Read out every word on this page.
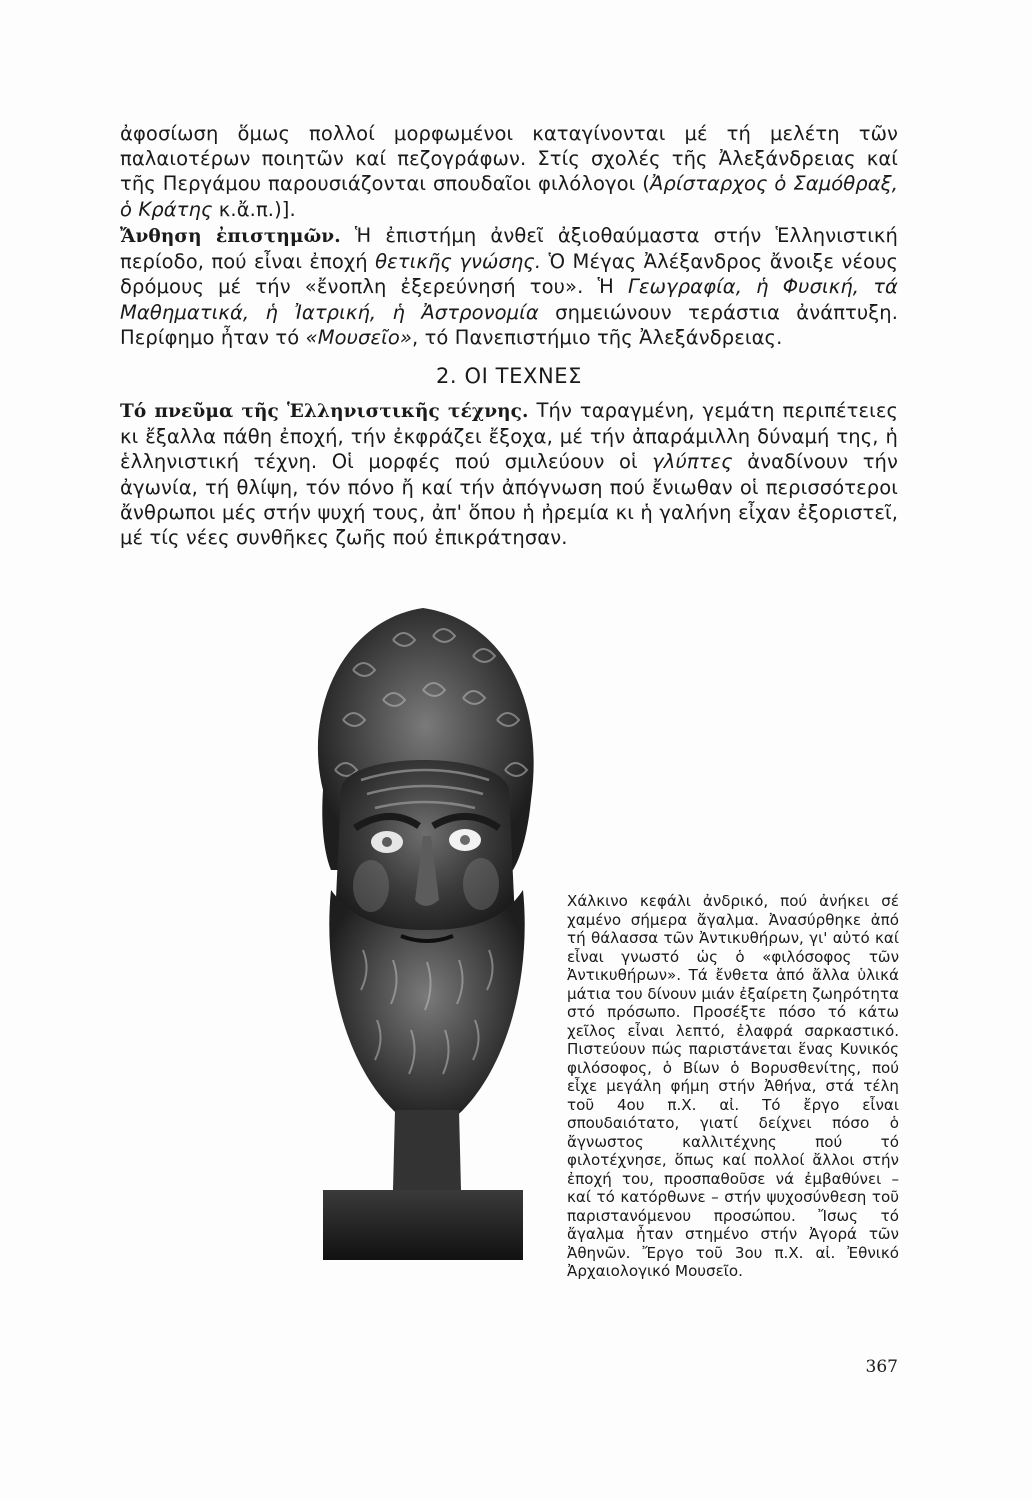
ἀφοσίωση ὅμως πολλοί μορφωμένοι καταγίνονται μέ τή μελέτη τῶν παλαιοτέρων ποιητῶν καί πεζογράφων. Στίς σχολές τῆς Ἀλεξάνδρειας καί τῆς Περγάμου παρουσιάζονται σπουδαῖοι φιλόλογοι (Ἀρίσταρχος ὁ Σαμόθραξ, ὁ Κράτης κ.ἄ.π.)].

Ἄνθηση ἐπιστημῶν. Ἡ ἐπιστήμη ἀνθεῖ ἀξιοθαύμαστα στήν Ἑλληνιστική περίοδο, πού εἶναι ἐποχή θετικῆς γνώσης. Ὁ Μέγας Ἀλέξανδρος ἄνοιξε νέους δρόμους μέ τήν «ἔνοπλη ἐξερεύνησή του». Ἡ Γεωγραφία, ἡ Φυσική, τά Μαθηματικά, ἡ Ἰατρική, ἡ Ἀστρονομία σημειώνουν τεράστια ἀνάπτυξη. Περίφημο ἦταν τό «Μουσεῖο», τό Πανεπιστήμιο τῆς Ἀλεξάνδρειας.

2. ΟΙ ΤΕΧΝΕΣ

Τό πνεῦμα τῆς Ἑλληνιστικῆς τέχνης. Τήν ταραγμένη, γεμάτη περιπέτειες κι ἔξαλλα πάθη ἐποχή, τήν ἐκφράζει ἔξοχα, μέ τήν ἀπαράμιλλη δύναμή της, ἡ ἑλληνιστική τέχνη. Οἱ μορφές πού σμιλεύουν οἱ γλύπτες ἀναδίνουν τήν ἀγωνία, τή θλίψη, τόν πόνο ἤ καί τήν ἀπόγνωση πού ἔνιωθαν οἱ περισσότεροι ἄνθρωποι μές στήν ψυχή τους, ἀπ' ὅπου ἡ ἠρεμία κι ἡ γαλήνη εἶχαν ἐξοριστεῖ, μέ τίς νέες συνθῆκες ζωῆς πού ἐπικράτησαν.

Χάλκινο κεφάλι ἀνδρικό, πού ἀνήκει σέ χαμένο σήμερα ἄγαλμα. Ἀνασύρθηκε ἀπό τή θάλασσα τῶν Ἀντικυθήρων, γι' αὐτό καί εἶναι γνωστό ὡς ὁ «φιλόσοφος τῶν Ἀντικυθήρων». Τά ἔνθετα ἀπό ἄλλα ὑλικά μάτια του δίνουν μιάν ἐξαίρετη ζωηρότητα στό πρόσωπο. Προσέξτε πόσο τό κάτω χεῖλος εἶναι λεπτό, ἐλαφρά σαρκαστικό. Πιστεύουν πώς παριστάνεται ἕνας Κυνικός φιλόσοφος, ὁ Βίων ὁ Βορυσθενίτης, πού εἶχε μεγάλη φήμη στήν Ἀθήνα, στά τέλη τοῦ 4ου π.Χ. αἰ. Τό ἔργο εἶναι σπουδαιότατο, γιατί δείχνει πόσο ὁ ἄγνωστος καλλιτέχνης πού τό φιλοτέχνησε, ὅπως καί πολλοί ἄλλοι στήν ἐποχή του, προσπαθοῦσε νά ἐμβαθύνει – καί τό κατόρθωνε – στήν ψυχοσύνθεση τοῦ παριστανόμενου προσώπου. Ἴσως τό ἄγαλμα ἦταν στημένο στήν Ἀγορά τῶν Ἀθηνῶν. Ἔργο τοῦ 3ου π.Χ. αἰ. Ἐθνικό Ἀρχαιολογικό Μουσεῖο.
367
